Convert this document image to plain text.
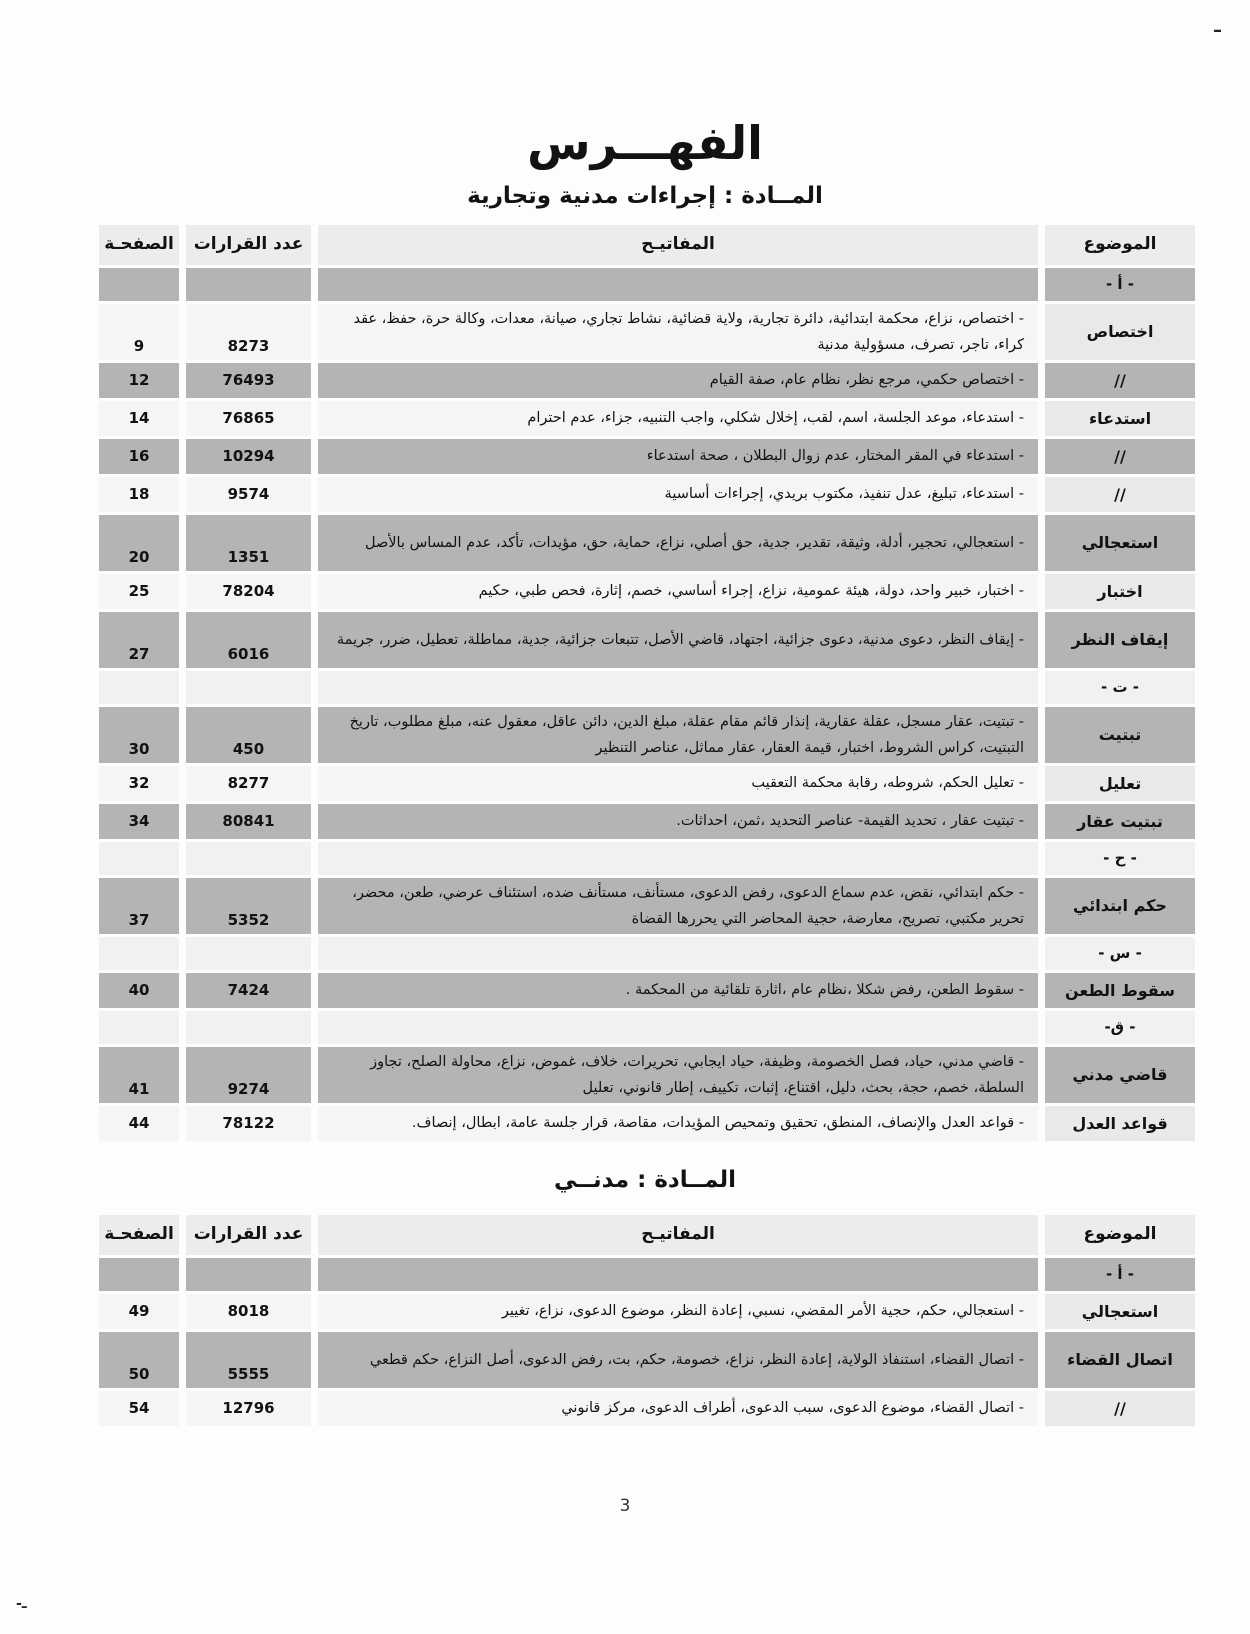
–
الفهـــرس
المــادة : إجراءات مدنية وتجارية
الموضوع
المفاتيـح
عدد القرارات
الصفحـة
- أ -
اختصاص
- اختصاص، نزاع، محكمة ابتدائية، دائرة تجارية، ولاية قضائية، نشاط تجاري، صيانة، معدات، وكالة حرة، حفظ، عقد كراء، تاجر، تصرف، مسؤولية مدنية
8273
9
//
- اختصاص حكمي، مرجع نظر، نظام عام، صفة القيام
76493
12
استدعاء
- استدعاء، موعد الجلسة، اسم، لقب، إخلال شكلي، واجب التنبيه، جزاء، عدم احترام
76865
14
//
- استدعاء في المقر المختار، عدم زوال البطلان ، صحة استدعاء
10294
16
//
- استدعاء، تبليغ، عدل تنفيذ، مكتوب بريدي، إجراءات أساسية
9574
18
استعجالي
- استعجالي، تحجير، أدلة، وثيقة، تقدير، جدية، حق أصلي، نزاع، حماية، حق، مؤيدات، تأكد، عدم المساس بالأصل
1351
20
اختبار
- اختبار، خبير واحد، دولة، هيئة عمومية، نزاع، إجراء أساسي، خصم، إثارة، فحص طبي، حكيم
78204
25
إيقاف النظر
- إيقاف النظر، دعوى مدنية، دعوى جزائية، اجتهاد، قاضي الأصل، تتبعات جزائية، جدية، مماطلة، تعطيل، ضرر، جريمة
6016
27
- ت -
تبتيت
- تبتيت، عقار مسجل، عقلة عقارية، إنذار قائم مقام عقلة، مبلغ الدين، دائن عاقل، معقول عنه، مبلغ مطلوب، تاريخ التبتيت، كراس الشروط، اختبار، قيمة العقار، عقار مماثل، عناصر التنظير
450
30
تعليل
- تعليل الحكم، شروطه، رقابة محكمة التعقيب
8277
32
تبتيت عقار
- تبتيت عقار ، تحديد القيمة- عناصر التحديد ،ثمن، احداثات.
80841
34
- ح -
حكم ابتدائي
- حكم ابتدائي، نقض، عدم سماع الدعوى، رفض الدعوى، مستأنف، مستأنف ضده، استئناف عرضي، طعن، محضر، تحرير مكتبي، تصريح، معارضة، حجية المحاضر التي يحررها القضاة
5352
37
- س -
سقوط الطعن
- سقوط الطعن، رفض شكلا ،نظام عام ،اثارة تلقائية من المحكمة .
7424
40
- ق-
قاضي مدني
- قاضي مدني، حياد، فصل الخصومة، وظيفة، حياد ايجابي، تحريرات، خلاف، غموض، نزاع، محاولة الصلح، تجاوز السلطة، خصم، حجة، بحث، دليل، اقتناع، إثبات، تكييف، إطار قانوني، تعليل
9274
41
قواعد العدل
- قواعد العدل والإنصاف، المنطق، تحقيق وتمحيص المؤيدات، مقاصة، قرار جلسة عامة، ابطال، إنصاف.
78122
44
المــادة : مدنــي
الموضوع
المفاتيـح
عدد القرارات
الصفحـة
- أ -
استعجالي
- استعجالي، حكم، حجية الأمر المقضي، نسبي، إعادة النظر، موضوع الدعوى، نزاع، تغيير
8018
49
اتصال القضاء
- اتصال القضاء، استنفاذ الولاية، إعادة النظر، نزاع، خصومة، حكم، بت، رفض الدعوى، أصل النزاع، حكم قطعي
5555
50
//
- اتصال القضاء، موضوع الدعوى، سبب الدعوى، أطراف الدعوى، مركز قانوني
12796
54
3
-ـ
